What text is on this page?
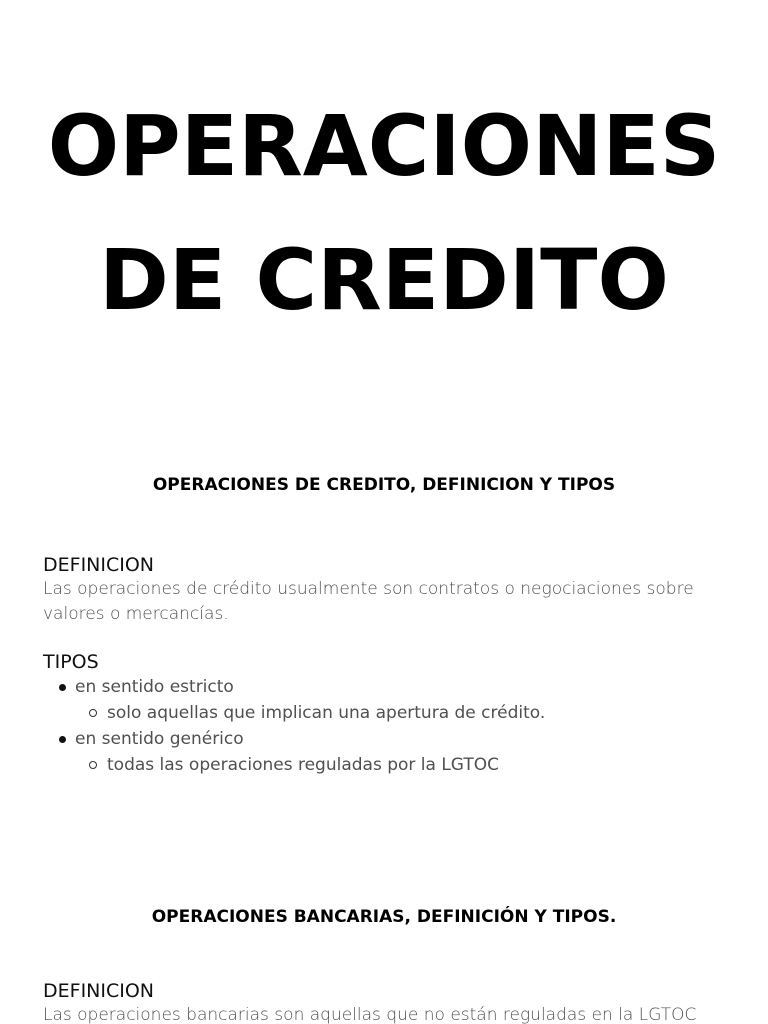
OPERACIONES
DE CREDITO
OPERACIONES DE CREDITO, DEFINICION Y TIPOS

DEFINICION

Las operaciones de crédito usualmente son contratos o negociaciones sobre valores o mercancías.

TIPOS

en sentido estricto
solo aquellas que implican una apertura de crédito.
en sentido genérico
todas las operaciones reguladas por la LGTOC
OPERACIONES BANCARIAS, DEFINICIÓN Y TIPOS.

DEFINICION

Las operaciones bancarias son aquellas que no están reguladas en la LGTOC
